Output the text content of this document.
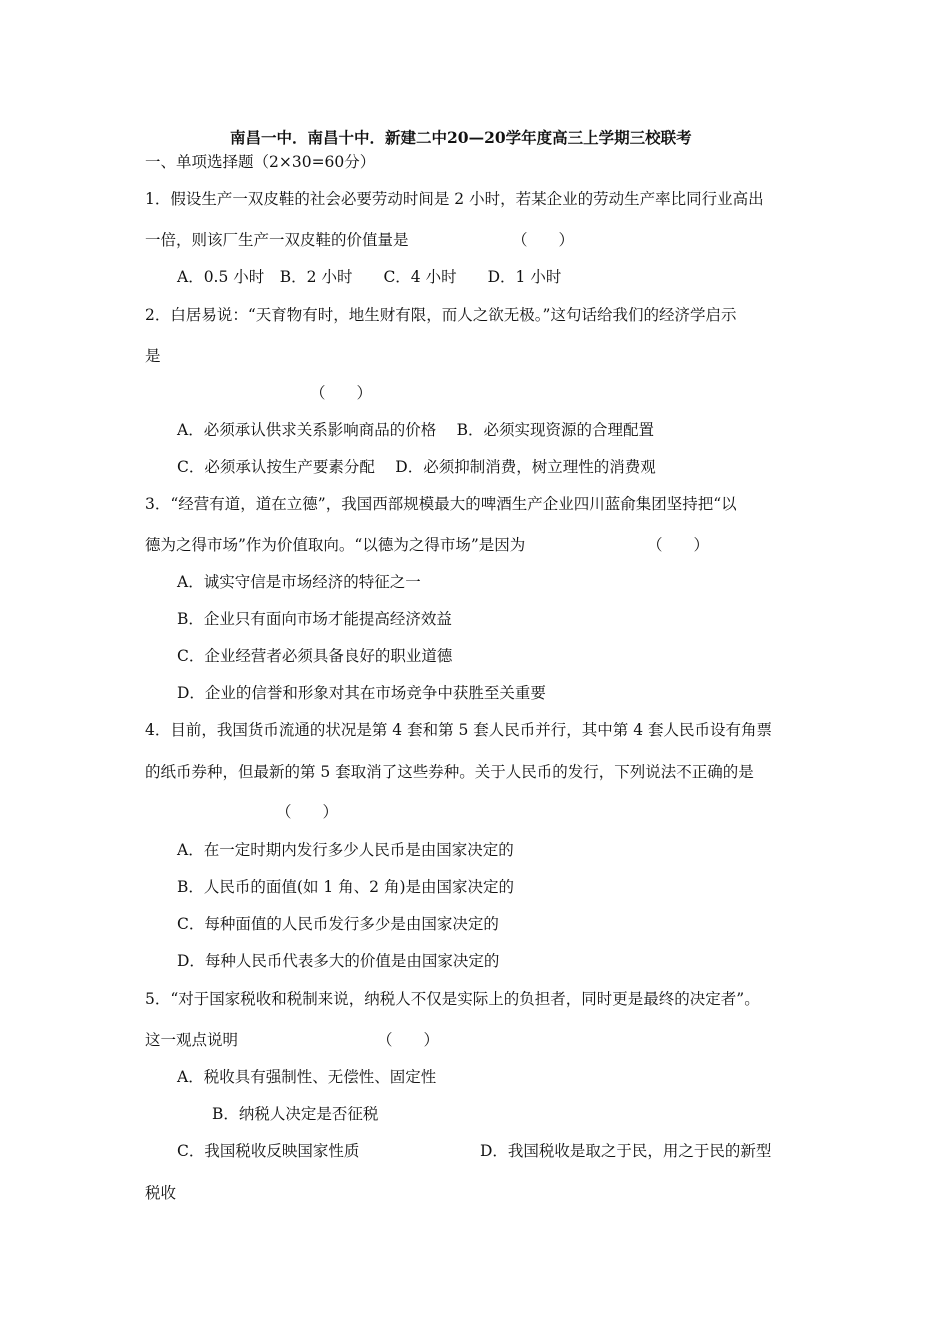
南昌一中．南昌十中．新建二中20—20学年度高三上学期三校联考
一、单项选择题（2×30=60分）
1．假设生产一双皮鞋的社会必要劳动时间是 2 小时，若某企业的劳动生产率比同行业高出
一倍，则该厂生产一双皮鞋的价值量是	（　　）
A．0.5 小时　B．2 小时　　C．4 小时　　D．1 小时
2．白居易说：“天育物有时，地生财有限，而人之欲无极。”这句话给我们的经济学启示
是
（　　）
A．必须承认供求关系影响商品的价格　 B．必须实现资源的合理配置
C．必须承认按生产要素分配　 D．必须抑制消费，树立理性的消费观
3．“经营有道，道在立德”，我国西部规模最大的啤酒生产企业四川蓝俞集团坚持把“以
德为之得市场”作为价值取向。“以德为之得市场”是因为	（　　）
A．诚实守信是市场经济的特征之一
B．企业只有面向市场才能提高经济效益
C．企业经营者必须具备良好的职业道德
D．企业的信誉和形象对其在市场竞争中获胜至关重要
4．目前，我国货币流通的状况是第 4 套和第 5 套人民币并行，其中第 4 套人民币设有角票
的纸币券种，但最新的第 5 套取消了这些券种。关于人民币的发行，下列说法不正确的是
（　　）
A．在一定时期内发行多少人民币是由国家决定的
B．人民币的面值(如 1 角、2 角)是由国家决定的
C．每种面值的人民币发行多少是由国家决定的
D．每种人民币代表多大的价值是由国家决定的
5．“对于国家税收和税制来说，纳税人不仅是实际上的负担者，同时更是最终的决定者”。
这一观点说明	（　　）
A．税收具有强制性、无偿性、固定性
B．纳税人决定是否征税
C．我国税收反映国家性质	D．我国税收是取之于民，用之于民的新型
税收
